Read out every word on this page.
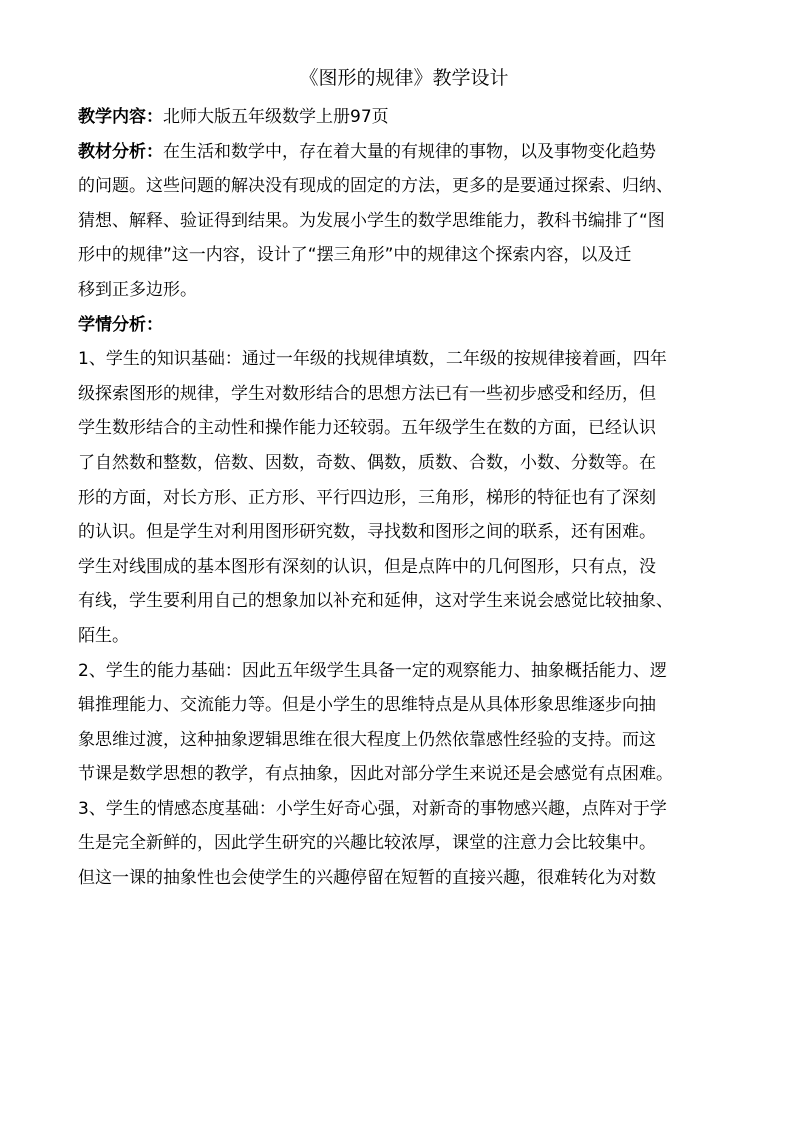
《图形的规律》教学设计
教学内容：北师大版五年级数学上册97页
教材分析：在生活和数学中，存在着大量的有规律的事物，以及事物变化趋势
的问题。这些问题的解决没有现成的固定的方法，更多的是要通过探索、归纳、
猜想、解释、验证得到结果。为发展小学生的数学思维能力，教科书编排了“图
形中的规律”这一内容，设计了“摆三角形”中的规律这个探索内容，以及迁
移到正多边形。
学情分析：
1、学生的知识基础：通过一年级的找规律填数，二年级的按规律接着画，四年
级探索图形的规律，学生对数形结合的思想方法已有一些初步感受和经历，但
学生数形结合的主动性和操作能力还较弱。五年级学生在数的方面，已经认识
了自然数和整数，倍数、因数，奇数、偶数，质数、合数，小数、分数等。在
形的方面，对长方形、正方形、平行四边形，三角形，梯形的特征也有了深刻
的认识。但是学生对利用图形研究数，寻找数和图形之间的联系，还有困难。
学生对线围成的基本图形有深刻的认识，但是点阵中的几何图形，只有点，没
有线，学生要利用自己的想象加以补充和延伸，这对学生来说会感觉比较抽象、
陌生。
2、学生的能力基础：因此五年级学生具备一定的观察能力、抽象概括能力、逻
辑推理能力、交流能力等。但是小学生的思维特点是从具体形象思维逐步向抽
象思维过渡，这种抽象逻辑思维在很大程度上仍然依靠感性经验的支持。而这
节课是数学思想的教学，有点抽象，因此对部分学生来说还是会感觉有点困难。
3、学生的情感态度基础：小学生好奇心强，对新奇的事物感兴趣，点阵对于学
生是完全新鲜的，因此学生研究的兴趣比较浓厚，课堂的注意力会比较集中。
但这一课的抽象性也会使学生的兴趣停留在短暂的直接兴趣，很难转化为对数
